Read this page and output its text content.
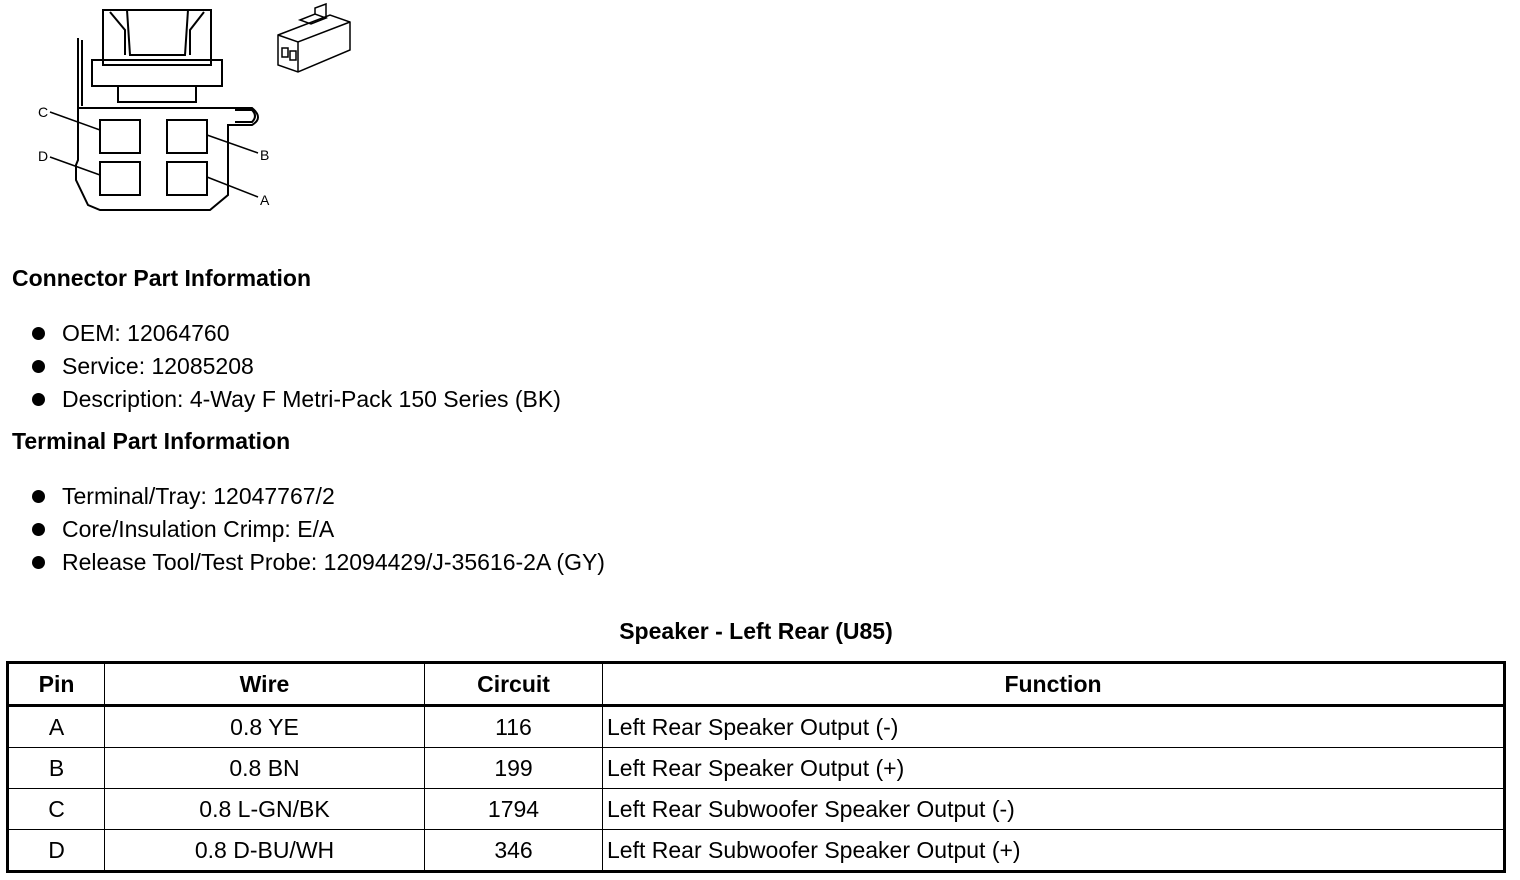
C
D	B
A
Connector Part Information
OEM: 12064760
Service: 12085208
Description: 4-Way F Metri-Pack 150 Series (BK)
Terminal Part Information
Terminal/Tray: 12047767/2
Core/Insulation Crimp: E/A
Release Tool/Test Probe: 12094429/J-35616-2A (GY)
Speaker - Left Rear (U85)
Pin	Wire	Circuit	Function
A	0.8 YE	116	Left Rear Speaker Output (-)
B	0.8 BN	199	Left Rear Speaker Output (+)
C	0.8 L-GN/BK	1794	Left Rear Subwoofer Speaker Output (-)
D	0.8 D-BU/WH	346	Left Rear Subwoofer Speaker Output (+)
